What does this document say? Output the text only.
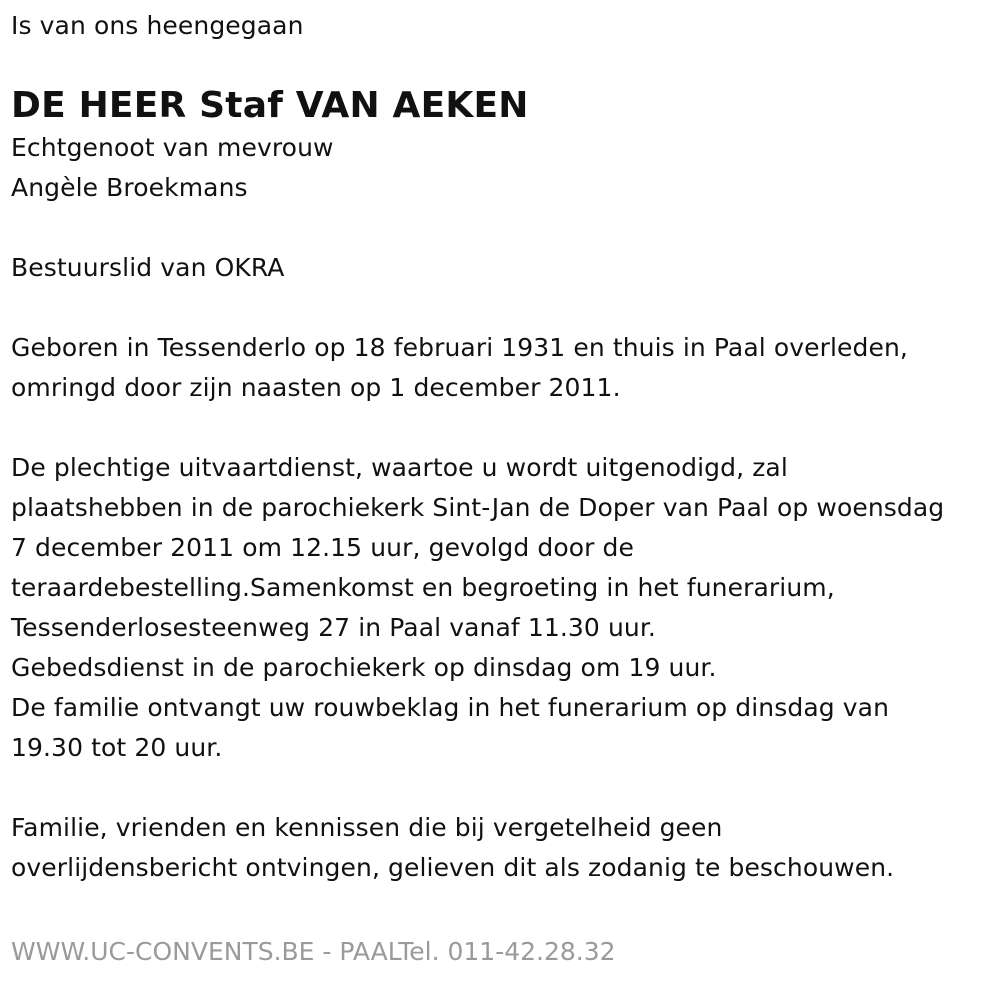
Is van ons heengegaan
DE HEER Staf VAN AEKEN
Echtgenoot van mevrouw
Angèle Broekmans
Bestuurslid van OKRA
Geboren in Tessenderlo op 18 februari 1931 en thuis in Paal overleden,
omringd door zijn naasten op 1 december 2011.
De plechtige uitvaartdienst, waartoe u wordt uitgenodigd, zal
plaatshebben in de parochiekerk Sint-Jan de Doper van Paal op woensdag
7 december 2011 om 12.15 uur, gevolgd door de
teraardebestelling.Samenkomst en begroeting in het funerarium,
Tessenderlosesteenweg 27 in Paal vanaf 11.30 uur.
Gebedsdienst in de parochiekerk op dinsdag om 19 uur.
De familie ontvangt uw rouwbeklag in het funerarium op dinsdag van
19.30 tot 20 uur.
Familie, vrienden en kennissen die bij vergetelheid geen
overlijdensbericht ontvingen, gelieven dit als zodanig te beschouwen.
WWW.UC-CONVENTS.BE - PAALTel. 011-42.28.32
